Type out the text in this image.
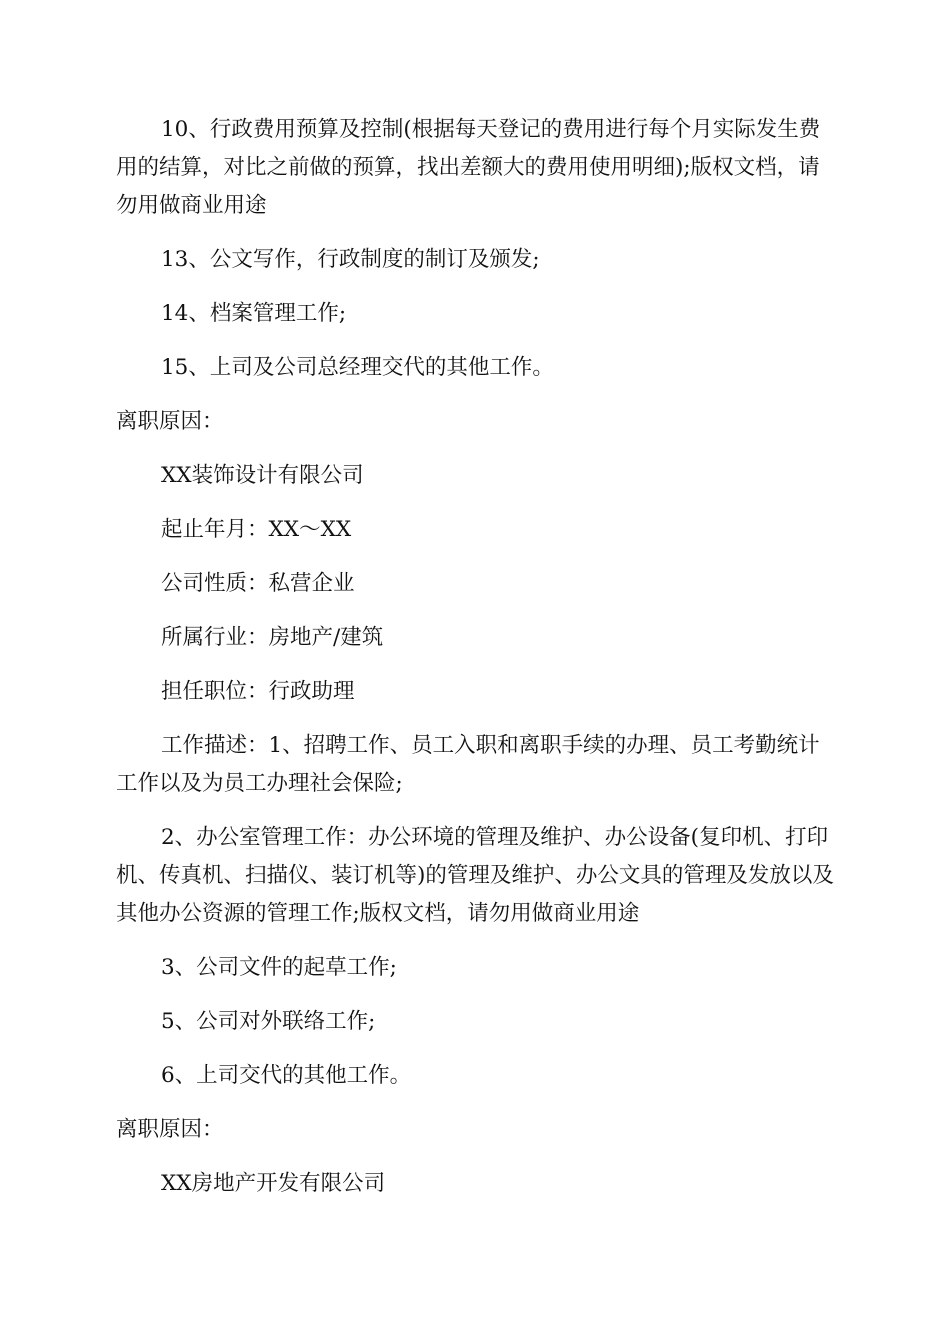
10、行政费用预算及控制(根据每天登记的费用进行每个月实际发生费用的结算，对比之前做的预算，找出差额大的费用使用明细);版权文档，请勿用做商业用途

13、公文写作，行政制度的制订及颁发;

14、档案管理工作;

15、上司及公司总经理交代的其他工作。

离职原因：

XX装饰设计有限公司

起止年月：XX～XX

公司性质：私营企业

所属行业：房地产/建筑

担任职位：行政助理

工作描述：1、招聘工作、员工入职和离职手续的办理、员工考勤统计工作以及为员工办理社会保险;

2、办公室管理工作：办公环境的管理及维护、办公设备(复印机、打印机、传真机、扫描仪、装订机等)的管理及维护、办公文具的管理及发放以及其他办公资源的管理工作;版权文档，请勿用做商业用途

3、公司文件的起草工作;

5、公司对外联络工作;

6、上司交代的其他工作。

离职原因：

XX房地产开发有限公司
